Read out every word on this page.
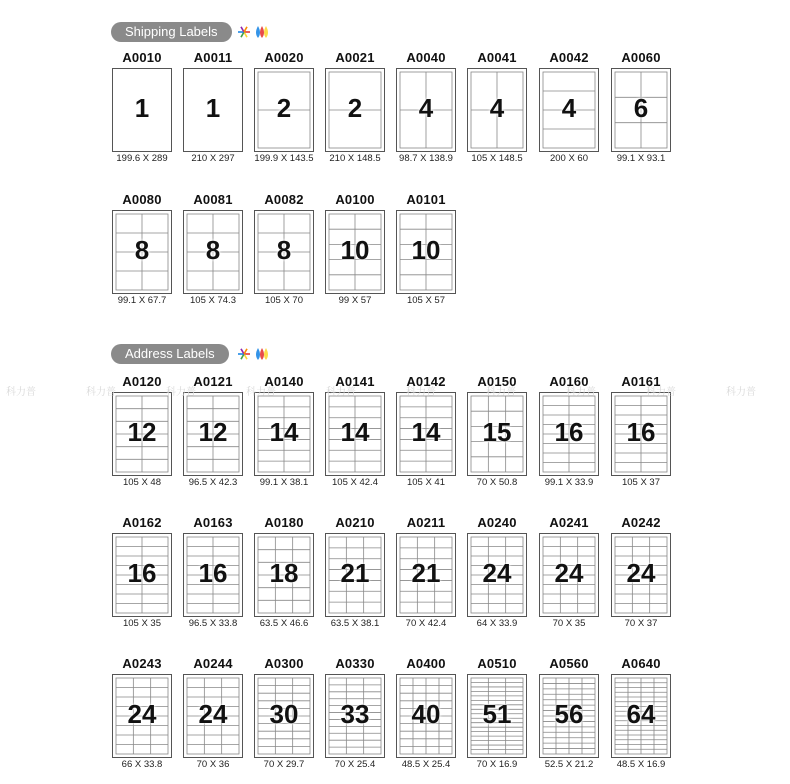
Shipping Labels
A0010
1
199.6 X 289
A0011
1
210 X 297
A0020
2
199.9 X 143.5
A0021
2
210 X 148.5
A0040
4
98.7 X 138.9
A0041
4
105 X 148.5
A0042
4
200 X 60
A0060
6
99.1 X 93.1
A0080
8
99.1 X 67.7
A0081
8
105 X 74.3
A0082
8
105 X 70
A0100
10
99 X 57
A0101
10
105 X 57
Address Labels
A0120
12
105 X 48
A0121
12
96.5 X 42.3
A0140
14
99.1 X 38.1
A0141
14
105 X 42.4
A0142
14
105 X 41
A0150
15
70 X 50.8
A0160
16
99.1 X 33.9
A0161
16
105 X 37
A0162
16
105 X 35
A0163
16
96.5 X 33.8
A0180
18
63.5 X 46.6
A0210
21
63.5 X 38.1
A0211
21
70 X 42.4
A0240
24
64 X 33.9
A0241
24
70 X 35
A0242
24
70 X 37
A0243
24
66 X 33.8
A0244
24
70 X 36
A0300
30
70 X 29.7
A0330
33
70 X 25.4
A0400
40
48.5 X 25.4
A0510
51
70 X 16.9
A0560
56
52.5 X 21.2
A0640
64
48.5 X 16.9
科力普	科力普	科力普	科力普	科力普	科力普	科力普	科力普	科力普	科力普
